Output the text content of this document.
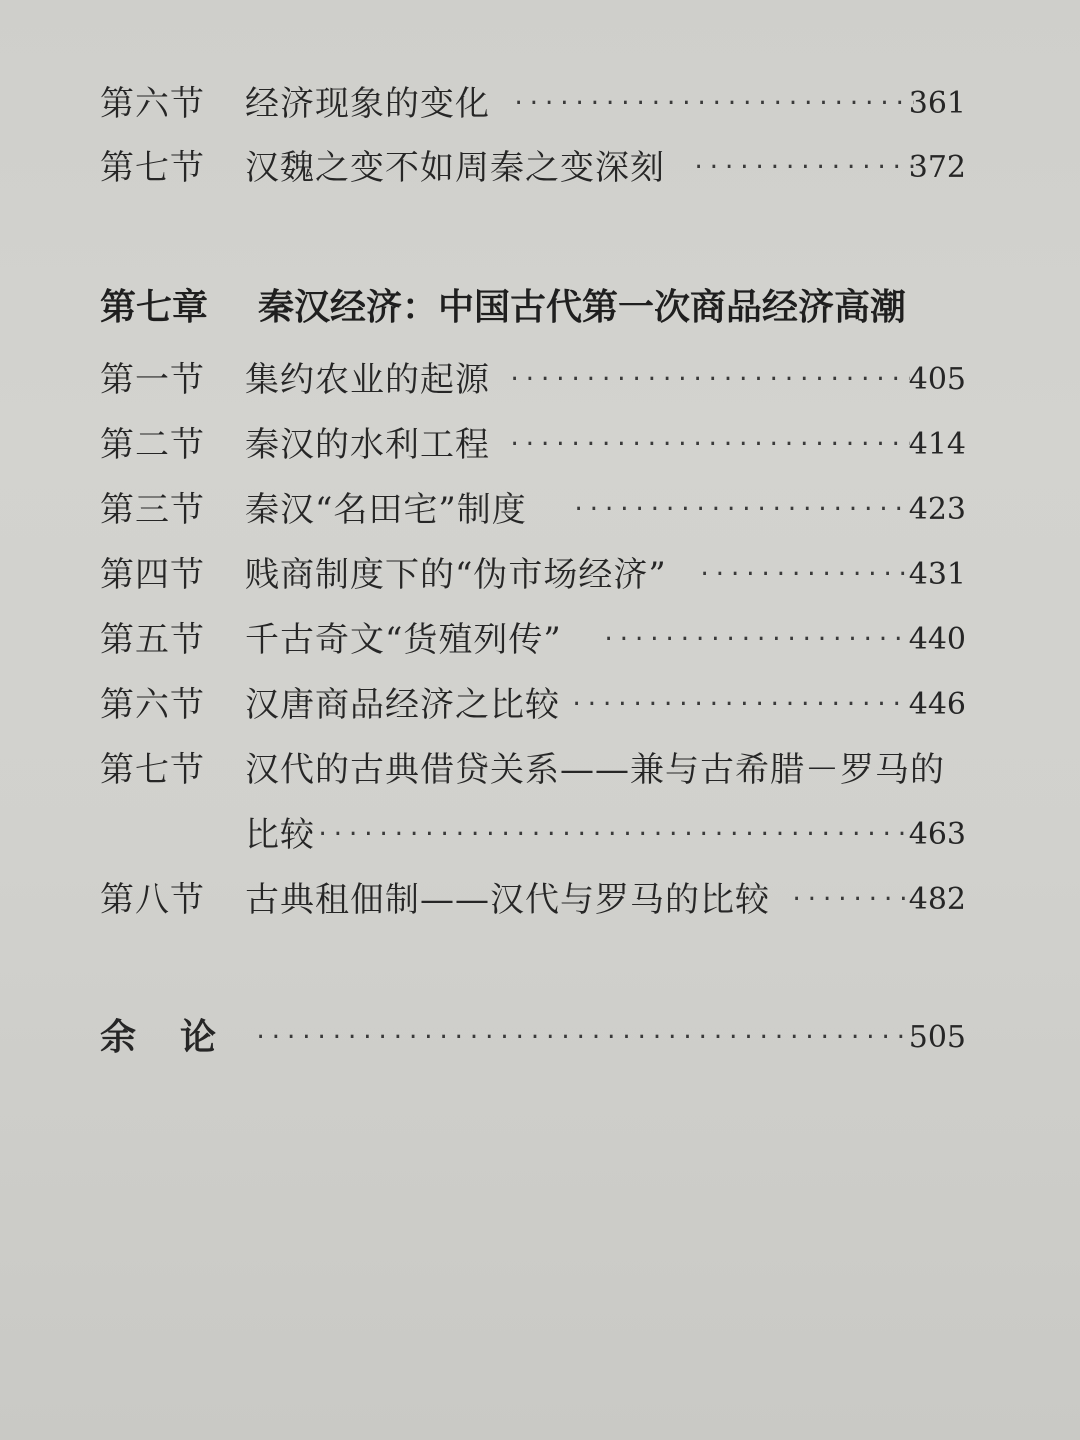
第六节	经济现象的变化 ·····	361
第七节	汉魏之变不如周秦之变深刻 ·····	372
第七章 秦汉经济：中国古代第一次商品经济高潮
第一节	集约农业的起源 ·····	405
第二节	秦汉的水利工程 ·····	414
第三节	秦汉“名田宅”制度 ·····	423
第四节	贱商制度下的“伪市场经济” ·····	431
第五节	千古奇文“货殖列传” ·····	440
第六节	汉唐商品经济之比较 ·····	446
第七节	汉代的古典借贷关系——兼与古希腊－罗马的
比较 ·····	463
第八节	古典租佃制——汉代与罗马的比较 ·····	482
余论 ·····	505
